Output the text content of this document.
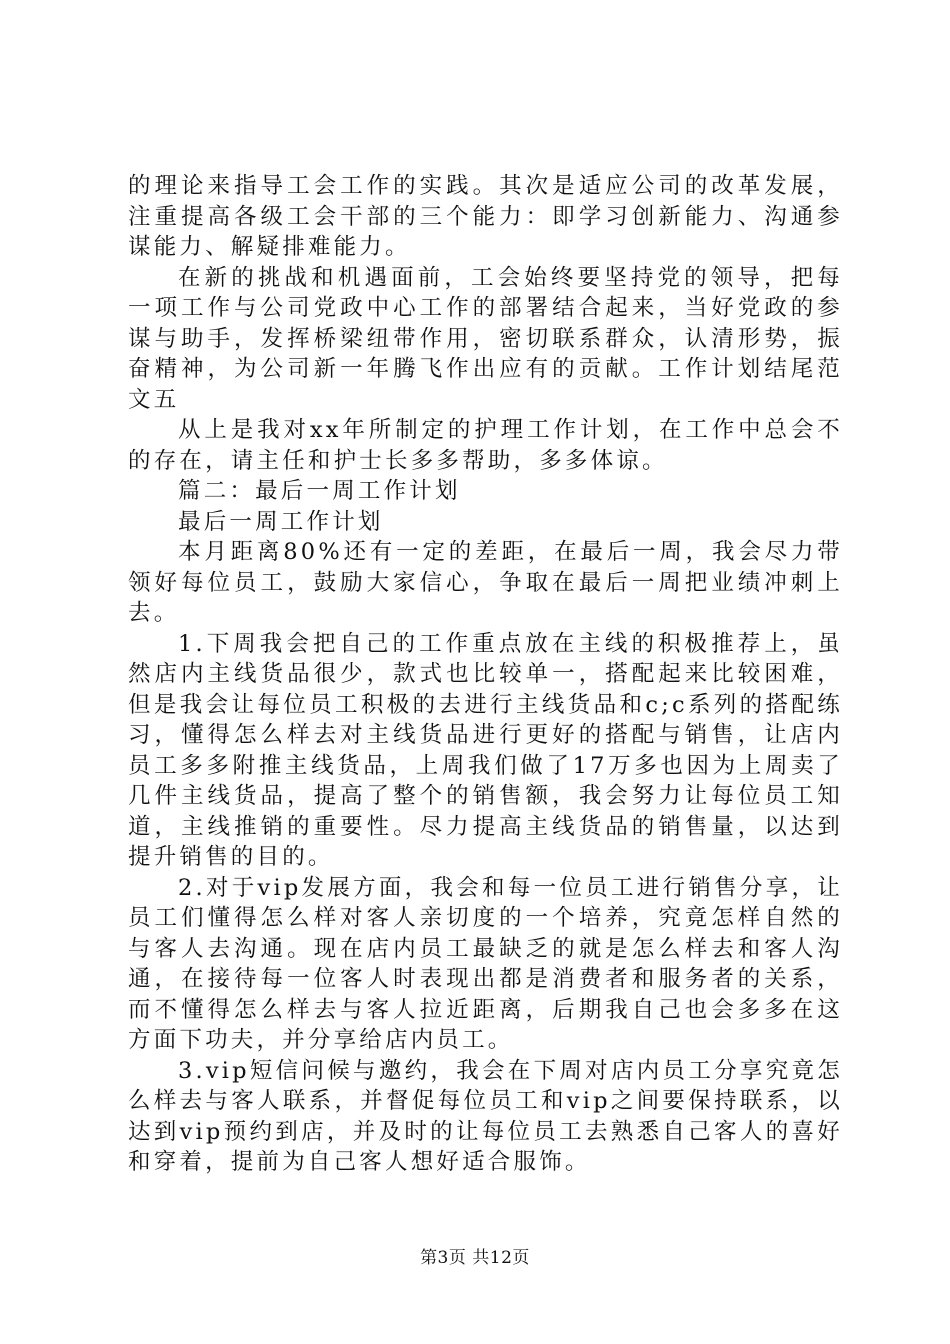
的理论来指导工会工作的实践。其次是适应公司的改革发展，注重提高各级工会干部的三个能力：即学习创新能力、沟通参谋能力、解疑排难能力。

在新的挑战和机遇面前，工会始终要坚持党的领导，把每一项工作与公司党政中心工作的部署结合起来，当好党政的参谋与助手，发挥桥梁纽带作用，密切联系群众，认清形势，振奋精神，为公司新一年腾飞作出应有的贡献。工作计划结尾范文五

从上是我对xx年所制定的护理工作计划，在工作中总会不的存在，请主任和护士长多多帮助，多多体谅。

篇二：最后一周工作计划

最后一周工作计划

本月距离80%还有一定的差距，在最后一周，我会尽力带领好每位员工，鼓励大家信心，争取在最后一周把业绩冲刺上去。

1.下周我会把自己的工作重点放在主线的积极推荐上，虽然店内主线货品很少，款式也比较单一，搭配起来比较困难，但是我会让每位员工积极的去进行主线货品和c;c系列的搭配练习，懂得怎么样去对主线货品进行更好的搭配与销售，让店内员工多多附推主线货品，上周我们做了17万多也因为上周卖了几件主线货品，提高了整个的销售额，我会努力让每位员工知道，主线推销的重要性。尽力提高主线货品的销售量，以达到提升销售的目的。

2.对于vip发展方面，我会和每一位员工进行销售分享，让员工们懂得怎么样对客人亲切度的一个培养，究竟怎样自然的与客人去沟通。现在店内员工最缺乏的就是怎么样去和客人沟通，在接待每一位客人时表现出都是消费者和服务者的关系，而不懂得怎么样去与客人拉近距离，后期我自己也会多多在这方面下功夫，并分享给店内员工。

3.vip短信问候与邀约，我会在下周对店内员工分享究竟怎么样去与客人联系，并督促每位员工和vip之间要保持联系，以达到vip预约到店，并及时的让每位员工去熟悉自己客人的喜好和穿着，提前为自己客人想好适合服饰。

第3页 共12页
